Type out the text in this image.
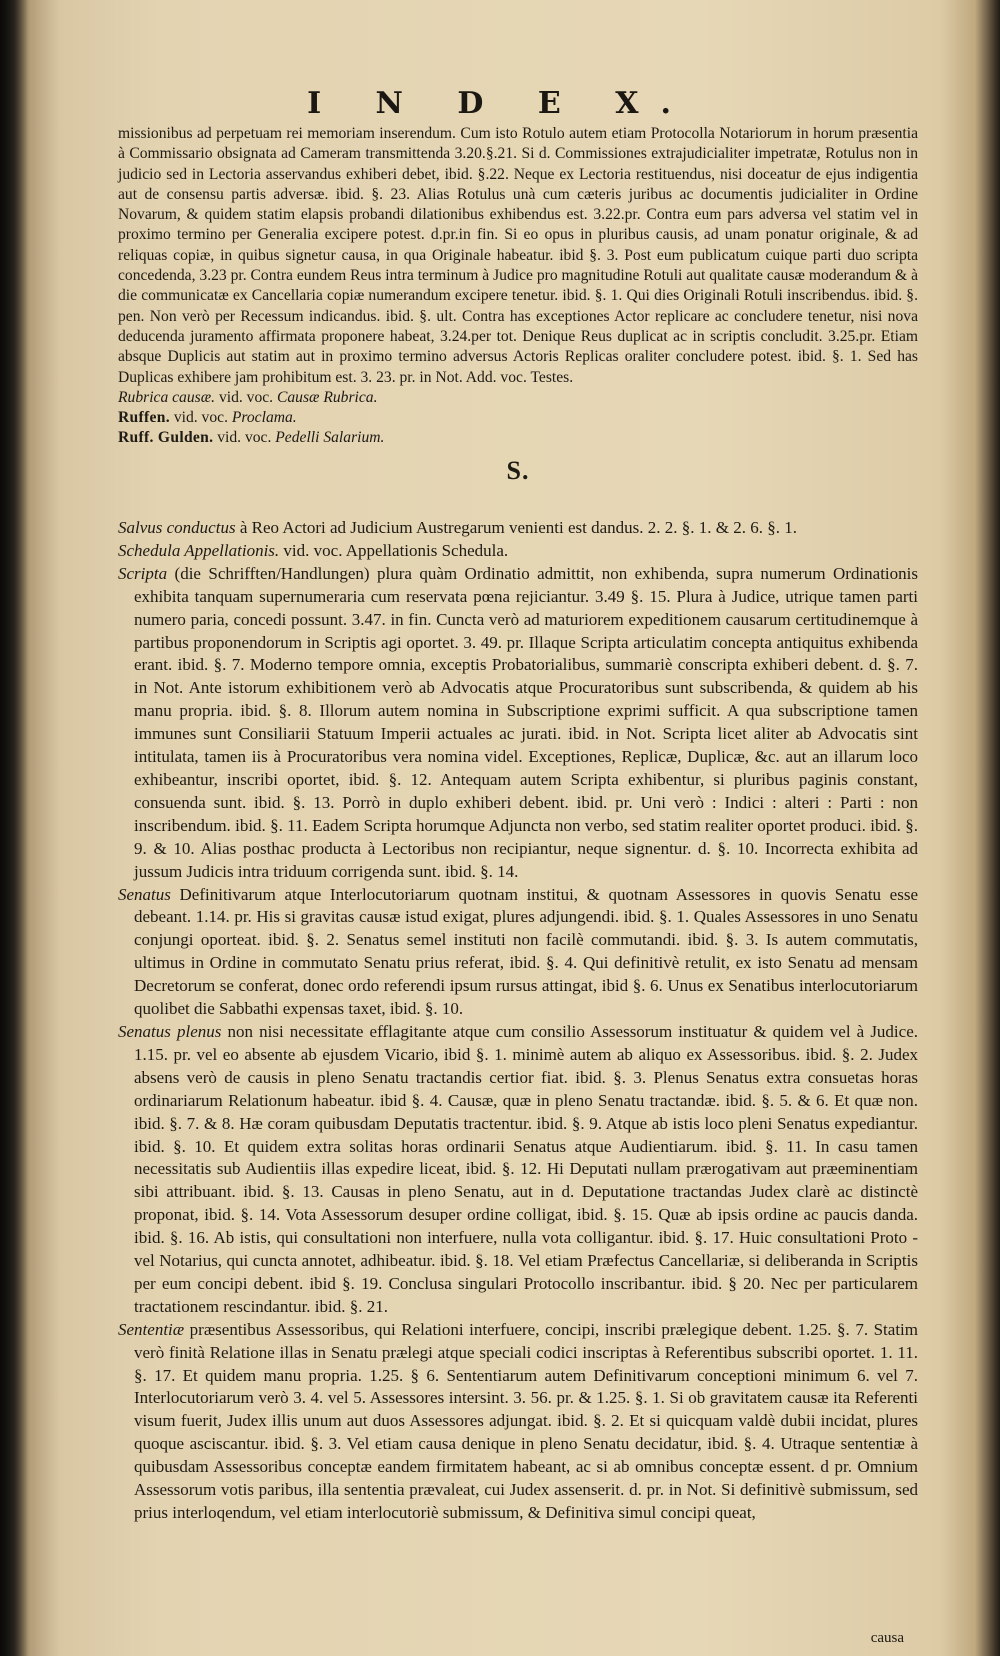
I N D E X.

missionibus ad perpetuam rei memoriam inserendum. Cum isto Rotulo autem etiam Protocolla Notariorum in horum præsentia à Commissario obsignata ad Cameram transmittenda 3.20.§.21. Si d. Commissiones extrajudicialiter impetratæ, Rotulus non in judicio sed in Lectoria asservandus exhiberi debet, ibid. §.22. Neque ex Lectoria restituendus, nisi doceatur de ejus indigentia aut de consensu partis adversæ. ibid. §. 23. Alias Rotulus unà cum cæteris juribus ac documentis judicialiter in Ordine Novarum, & quidem statim elapsis probandi dilationibus exhibendus est. 3.22.pr. Contra eum pars adversa vel statim vel in proximo termino per Generalia excipere potest. d.pr.in fin. Si eo opus in pluribus causis, ad unam ponatur originale, & ad reliquas copiæ, in quibus signetur causa, in qua Originale habeatur. ibid §. 3. Post eum publicatum cuique parti duo scripta concedenda, 3.23 pr. Contra eundem Reus intra terminum à Judice pro magnitudine Rotuli aut qualitate causæ moderandum & à die communicatæ ex Cancellaria copiæ numerandum excipere tenetur. ibid. §. 1. Qui dies Originali Rotuli inscribendus. ibid. §. pen. Non verò per Recessum indicandus. ibid. §. ult. Contra has exceptiones Actor replicare ac concludere tenetur, nisi nova deducenda juramento affirmata proponere habeat, 3.24.per tot. Denique Reus duplicat ac in scriptis concludit. 3.25.pr. Etiam absque Duplicis aut statim aut in proximo termino adversus Actoris Replicas oraliter concludere potest. ibid. §. 1. Sed has Duplicas exhibere jam prohibitum est. 3. 23. pr. in Not. Add. voc. Testes.

Rubrica causæ. vid. voc. Causæ Rubrica.

Ruffen. vid. voc. Proclama.

Ruff. Gulden. vid. voc. Pedelli Salarium.

S.

Salvus conductus à Reo Actori ad Judicium Austregarum venienti est dandus. 2. 2. §. 1. & 2. 6. §. 1.

Schedula Appellationis. vid. voc. Appellationis Schedula.

Scripta (die Schrifften/Handlungen) plura quàm Ordinatio admittit, non exhibenda, supra numerum Ordinationis exhibita tanquam supernumeraria cum reservata pœna rejiciantur. 3.49 §. 15. Plura à Judice, utrique tamen parti numero paria, concedi possunt. 3.47. in fin. Cuncta verò ad maturiorem expeditionem causarum certitudinemque à partibus proponendorum in Scriptis agi oportet. 3. 49. pr. Illaque Scripta articulatim concepta antiquitus exhibenda erant. ibid. §. 7. Moderno tempore omnia, exceptis Probatorialibus, summariè conscripta exhiberi debent. d. §. 7. in Not. Ante istorum exhibitionem verò ab Advocatis atque Procuratoribus sunt subscribenda, & quidem ab his manu propria. ibid. §. 8. Illorum autem nomina in Subscriptione exprimi sufficit. A qua subscriptione tamen immunes sunt Consiliarii Statuum Imperii actuales ac jurati. ibid. in Not. Scripta licet aliter ab Advocatis sint intitulata, tamen iis à Procuratoribus vera nomina videl. Exceptiones, Replicæ, Duplicæ, &c. aut an illarum loco exhibeantur, inscribi oportet, ibid. §. 12. Antequam autem Scripta exhibentur, si pluribus paginis constant, consuenda sunt. ibid. §. 13. Porrò in duplo exhiberi debent. ibid. pr. Uni verò : Indici : alteri : Parti : non inscribendum. ibid. §. 11. Eadem Scripta horumque Adjuncta non verbo, sed statim realiter oportet produci. ibid. §. 9. & 10. Alias posthac producta à Lectoribus non recipiantur, neque signentur. d. §. 10. Incorrecta exhibita ad jussum Judicis intra triduum corrigenda sunt. ibid. §. 14.

Senatus Definitivarum atque Interlocutoriarum quotnam institui, & quotnam Assessores in quovis Senatu esse debeant. 1.14. pr. His si gravitas causæ istud exigat, plures adjungendi. ibid. §. 1. Quales Assessores in uno Senatu conjungi oporteat. ibid. §. 2. Senatus semel instituti non facilè commutandi. ibid. §. 3. Is autem commutatis, ultimus in Ordine in commutato Senatu prius referat, ibid. §. 4. Qui definitivè retulit, ex isto Senatu ad mensam Decretorum se conferat, donec ordo referendi ipsum rursus attingat, ibid §. 6. Unus ex Senatibus interlocutoriarum quolibet die Sabbathi expensas taxet, ibid. §. 10.

Senatus plenus non nisi necessitate efflagitante atque cum consilio Assessorum instituatur & quidem vel à Judice. 1.15. pr. vel eo absente ab ejusdem Vicario, ibid §. 1. minimè autem ab aliquo ex Assessoribus. ibid. §. 2. Judex absens verò de causis in pleno Senatu tractandis certior fiat. ibid. §. 3. Plenus Senatus extra consuetas horas ordinariarum Relationum habeatur. ibid §. 4. Causæ, quæ in pleno Senatu tractandæ. ibid. §. 5. & 6. Et quæ non. ibid. §. 7. & 8. Hæ coram quibusdam Deputatis tractentur. ibid. §. 9. Atque ab istis loco pleni Senatus expediantur. ibid. §. 10. Et quidem extra solitas horas ordinarii Senatus atque Audientiarum. ibid. §. 11. In casu tamen necessitatis sub Audientiis illas expedire liceat, ibid. §. 12. Hi Deputati nullam prærogativam aut præeminentiam sibi attribuant. ibid. §. 13. Causas in pleno Senatu, aut in d. Deputatione tractandas Judex clarè ac distinctè proponat, ibid. §. 14. Vota Assessorum desuper ordine colligat, ibid. §. 15. Quæ ab ipsis ordine ac paucis danda. ibid. §. 16. Ab istis, qui consultationi non interfuere, nulla vota colligantur. ibid. §. 17. Huic consultationi Proto - vel Notarius, qui cuncta annotet, adhibeatur. ibid. §. 18. Vel etiam Præfectus Cancellariæ, si deliberanda in Scriptis per eum concipi debent. ibid §. 19. Conclusa singulari Protocollo inscribantur. ibid. § 20. Nec per particularem tractationem rescindantur. ibid. §. 21.

Sententiæ præsentibus Assessoribus, qui Relationi interfuere, concipi, inscribi prælegique debent. 1.25. §. 7. Statim verò finità Relatione illas in Senatu prælegi atque speciali codici inscriptas à Referentibus subscribi oportet. 1. 11. §. 17. Et quidem manu propria. 1.25. § 6. Sententiarum autem Definitivarum conceptioni minimum 6. vel 7. Interlocutoriarum verò 3. 4. vel 5. Assessores intersint. 3. 56. pr. & 1.25. §. 1. Si ob gravitatem causæ ita Referenti visum fuerit, Judex illis unum aut duos Assessores adjungat. ibid. §. 2. Et si quicquam valdè dubii incidat, plures quoque asciscantur. ibid. §. 3. Vel etiam causa denique in pleno Senatu decidatur, ibid. §. 4. Utraque sententiæ à quibusdam Assessoribus conceptæ eandem firmitatem habeant, ac si ab omnibus conceptæ essent. d pr. Omnium Assessorum votis paribus, illa sententia prævaleat, cui Judex assenserit. d. pr. in Not. Si definitivè submissum, sed prius interloqendum, vel etiam interlocutoriè submissum, & Definitiva simul concipi queat,

causa
